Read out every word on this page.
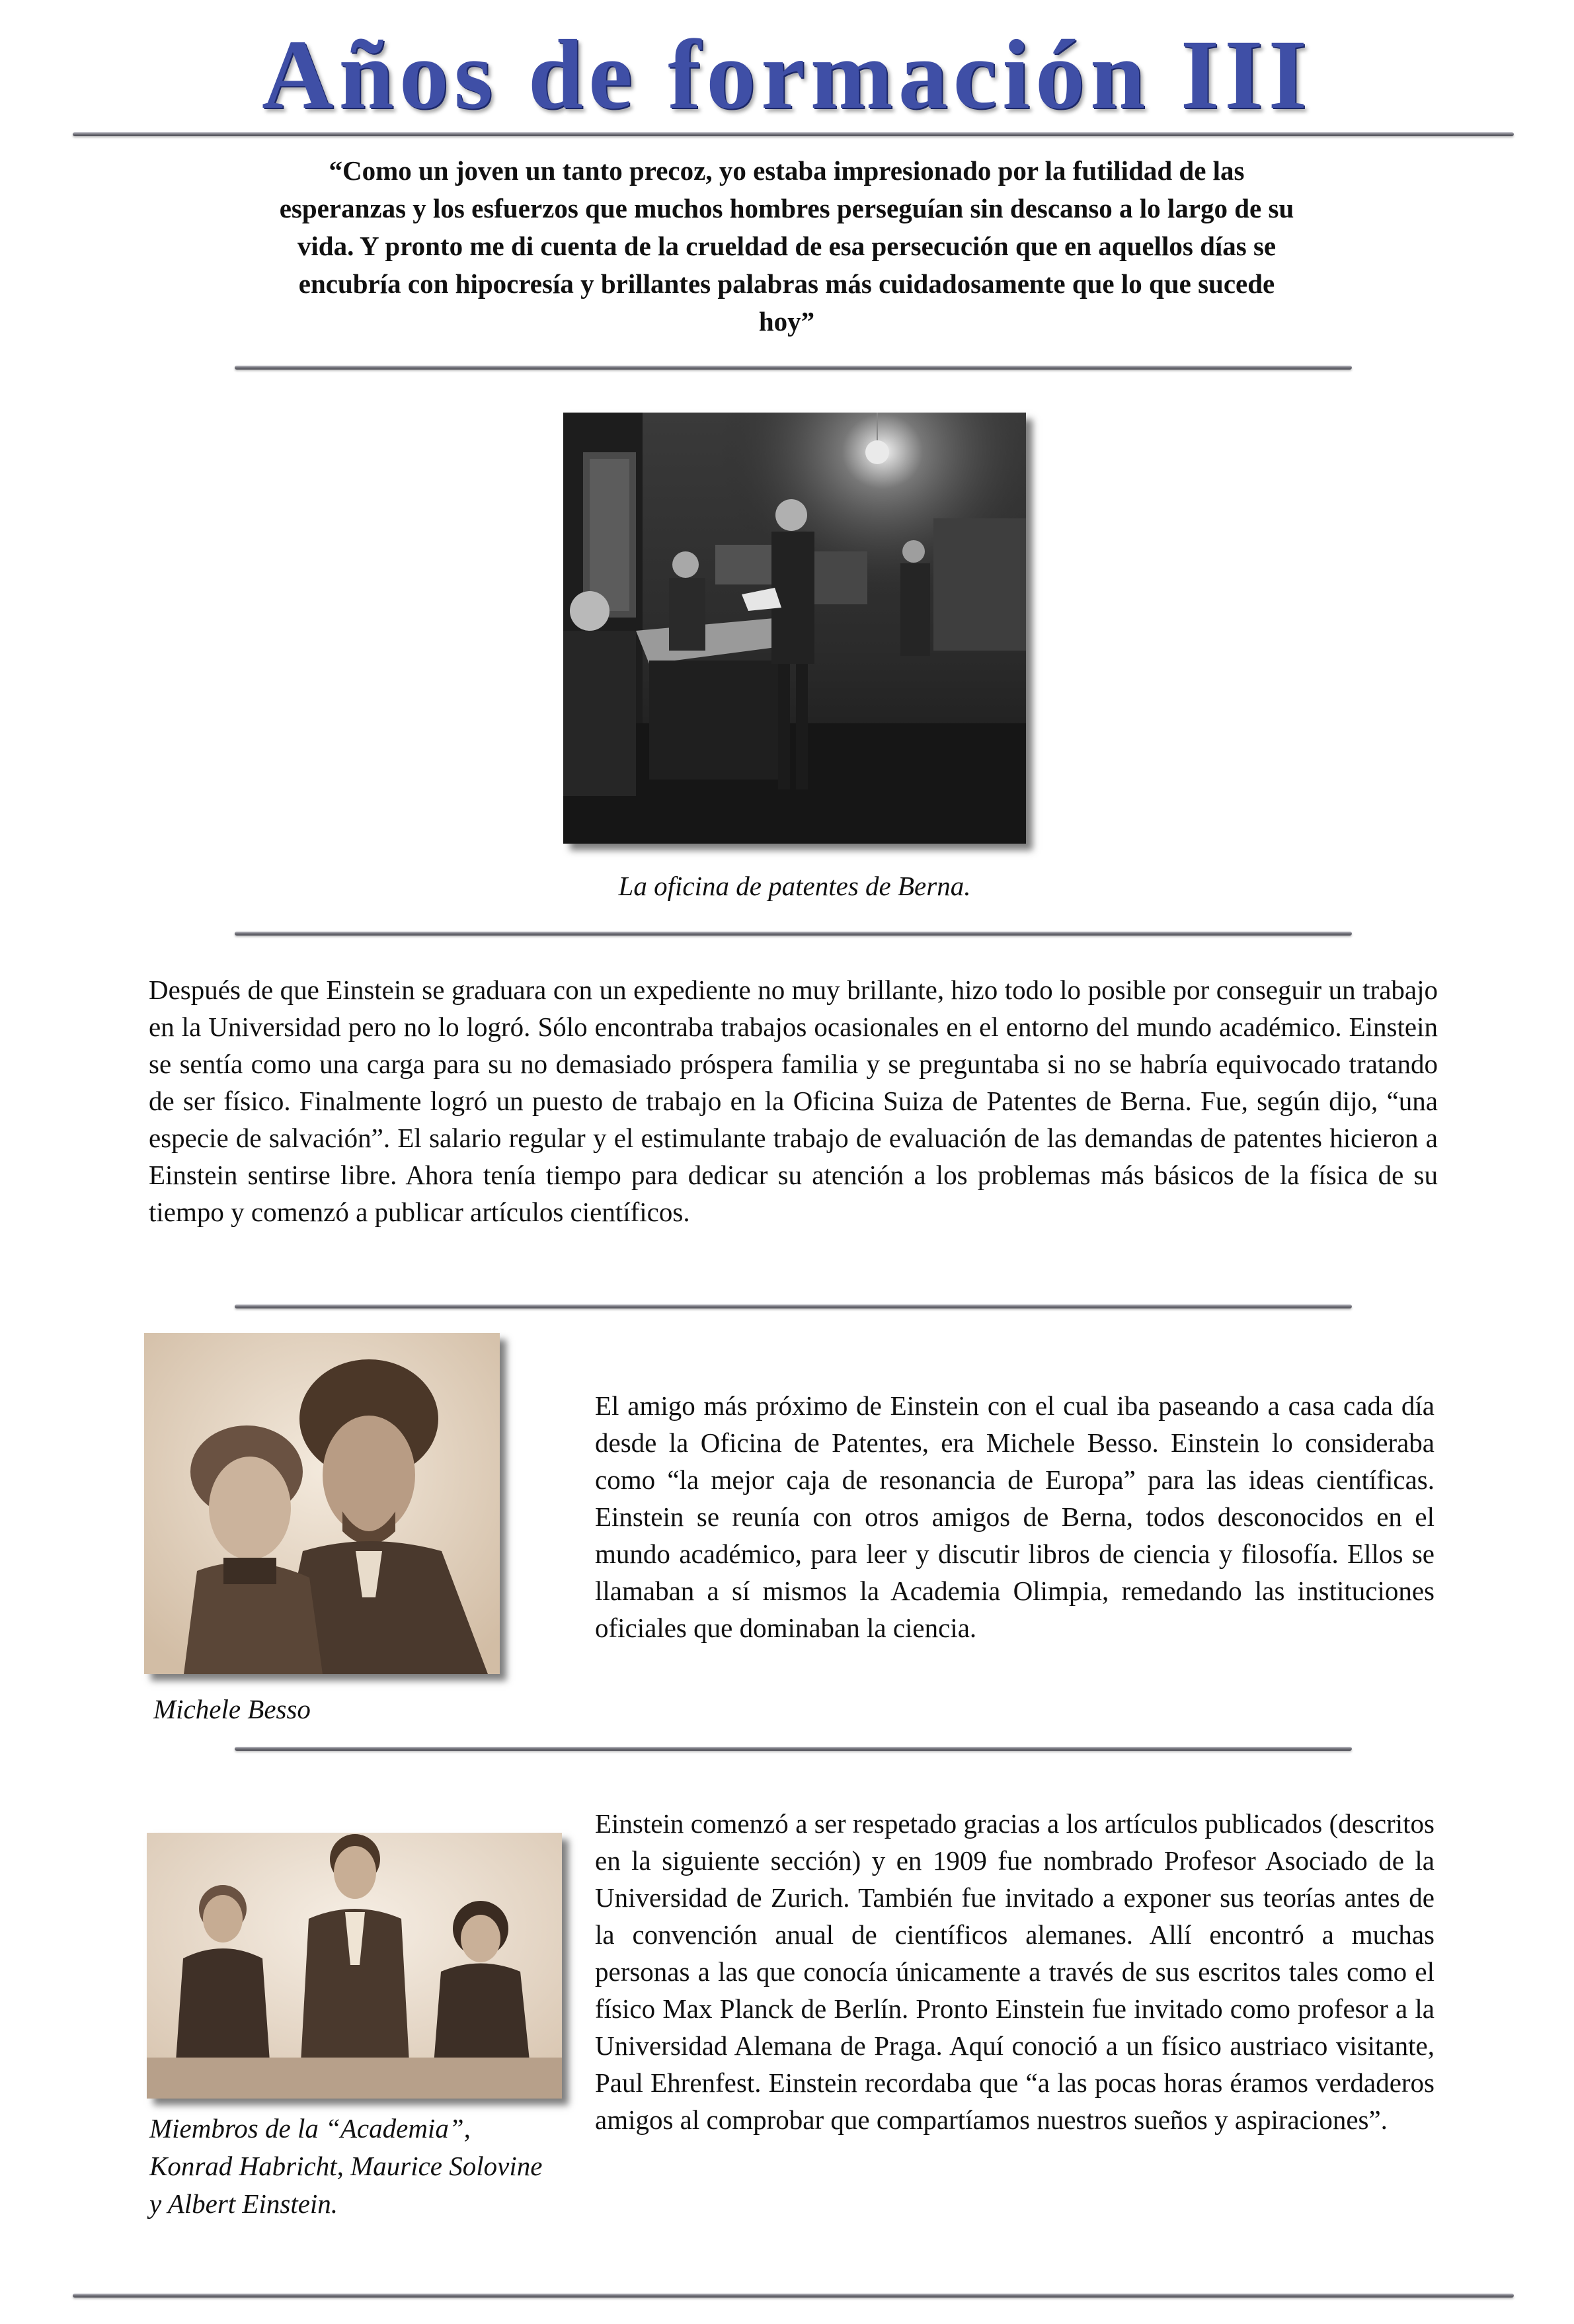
Años de formación III

“Como un joven un tanto precoz, yo estaba impresionado por la futilidad de las esperanzas y los esfuerzos que muchos hombres perseguían sin descanso a lo largo de su vida. Y pronto me di cuenta de la crueldad de esa persecución que en aquellos días se encubría con hipocresía y brillantes palabras más cuidadosamente que lo que sucede hoy”

La oficina de patentes de Berna.

Después de que Einstein se graduara con un expediente no muy brillante, hizo todo lo posible por conseguir un trabajo en la Universidad pero no lo logró. Sólo encontraba trabajos ocasionales en el entorno del mundo académico. Einstein se sentía como una carga para su no demasiado próspera familia y se preguntaba si no se habría equivocado tratando de ser físico. Finalmente logró un puesto de trabajo en la Oficina Suiza de Patentes de Berna. Fue, según dijo, “una especie de salvación”. El salario regular y el estimulante trabajo de evaluación de las demandas de patentes hicieron a Einstein sentirse libre. Ahora tenía tiempo para dedicar su atención a los problemas más básicos de la física de su tiempo y comenzó a publicar artículos científicos.

Michele Besso

El amigo más próximo de Einstein con el cual iba paseando a casa cada día desde la Oficina de Patentes, era Michele Besso. Einstein lo consideraba como “la mejor caja de resonancia de Europa” para las ideas científicas. Einstein se reunía con otros amigos de Berna, todos desconocidos en el mundo académico, para leer y discutir libros de ciencia y filosofía. Ellos se llamaban a sí mismos la Academia Olimpia, remedando las instituciones oficiales que dominaban la ciencia.

Miembros de la “Academia”, Konrad Habricht, Maurice Solovine y Albert Einstein.

Einstein comenzó a ser respetado gracias a los artículos publicados (descritos en la siguiente sección) y en 1909 fue nombrado Profesor Asociado de la Universidad de Zurich. También fue invitado a exponer sus teorías antes de la convención anual de científicos alemanes. Allí encontró a muchas personas a las que conocía únicamente a través de sus escritos tales como el físico Max Planck de Berlín. Pronto Einstein fue invitado como profesor a la Universidad Alemana de Praga. Aquí conoció a un físico austriaco visitante, Paul Ehrenfest. Einstein recordaba que “a las pocas horas éramos verdaderos amigos al comprobar que compartíamos nuestros sueños y aspiraciones”.
